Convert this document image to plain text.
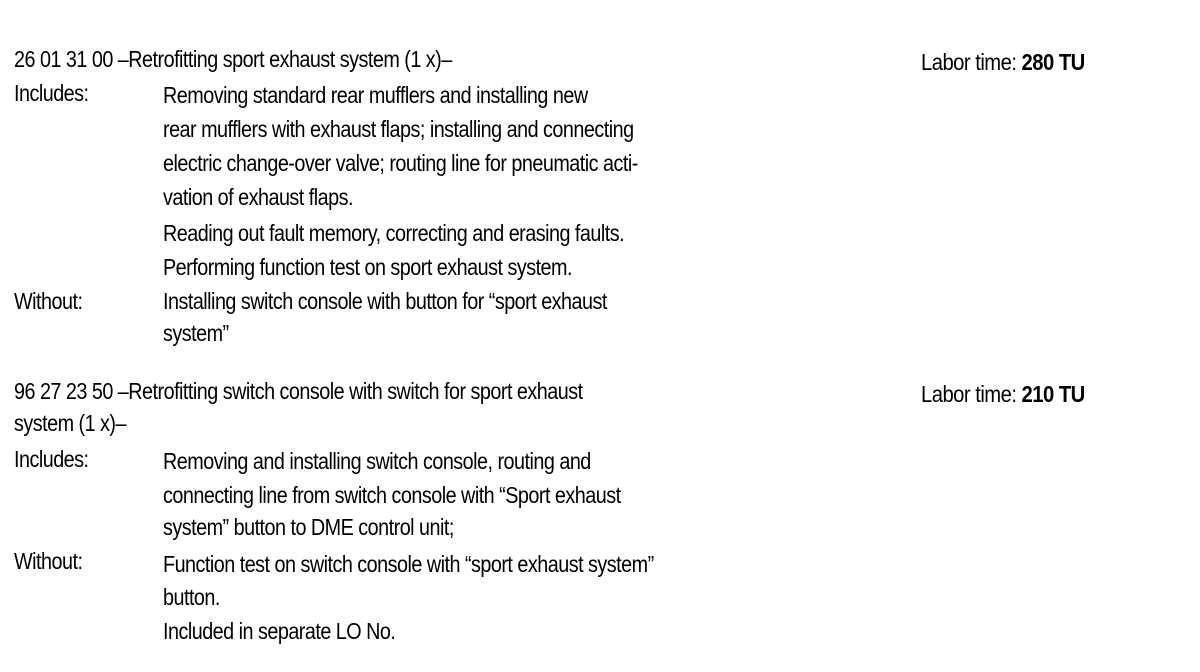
26 01 31 00 –Retrofitting sport exhaust system (1 x)–	Labor time: 280 TU
Includes:	Removing standard rear mufflers and installing new
rear mufflers with exhaust flaps; installing and connecting
electric change-over valve; routing line for pneumatic acti-
vation of exhaust flaps.
Reading out fault memory, correcting and erasing faults.
Performing function test on sport exhaust system.
Without:	Installing switch console with button for “sport exhaust
system”
96 27 23 50 –Retrofitting switch console with switch for sport exhaust	Labor time: 210 TU
system (1 x)–
Includes:	Removing and installing switch console, routing and
connecting line from switch console with “Sport exhaust
system” button to DME control unit;
Without:	Function test on switch console with “sport exhaust system”
button.
Included in separate LO No.
